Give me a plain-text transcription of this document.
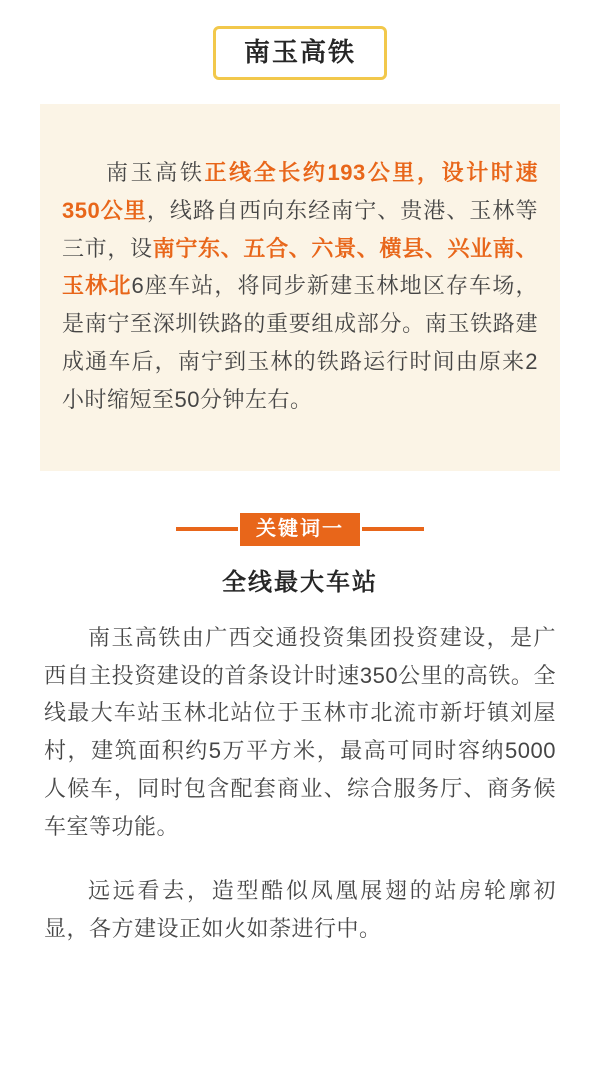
南玉高铁

南玉高铁正线全长约193公里，设计时速350公里，线路自西向东经南宁、贵港、玉林等三市，设南宁东、五合、六景、横县、兴业南、玉林北6座车站，将同步新建玉林地区存车场，是南宁至深圳铁路的重要组成部分。南玉铁路建成通车后，南宁到玉林的铁路运行时间由原来2小时缩短至50分钟左右。

关键词一
全线最大车站

南玉高铁由广西交通投资集团投资建设，是广西自主投资建设的首条设计时速350公里的高铁。全线最大车站玉林北站位于玉林市北流市新圩镇刘屋村，建筑面积约5万平方米，最高可同时容纳5000人候车，同时包含配套商业、综合服务厅、商务候车室等功能。

远远看去，造型酷似凤凰展翅的站房轮廓初显，各方建设正如火如荼进行中。
